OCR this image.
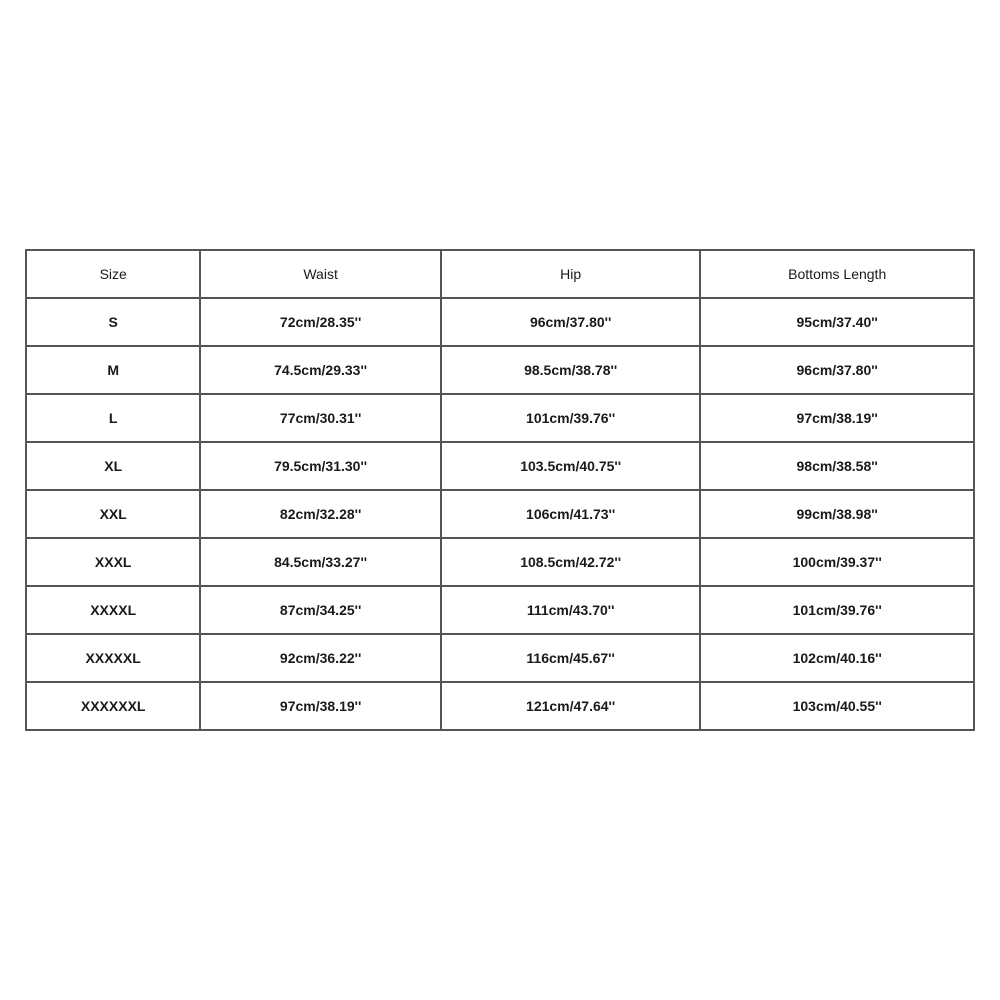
Size	Waist	Hip	Bottoms Length
S	72cm/28.35''	96cm/37.80''	95cm/37.40''
M	74.5cm/29.33''	98.5cm/38.78''	96cm/37.80''
L	77cm/30.31''	101cm/39.76''	97cm/38.19''
XL	79.5cm/31.30''	103.5cm/40.75''	98cm/38.58''
XXL	82cm/32.28''	106cm/41.73''	99cm/38.98''
XXXL	84.5cm/33.27''	108.5cm/42.72''	100cm/39.37''
XXXXL	87cm/34.25''	111cm/43.70''	101cm/39.76''
XXXXXL	92cm/36.22''	116cm/45.67''	102cm/40.16''
XXXXXXL	97cm/38.19''	121cm/47.64''	103cm/40.55''
